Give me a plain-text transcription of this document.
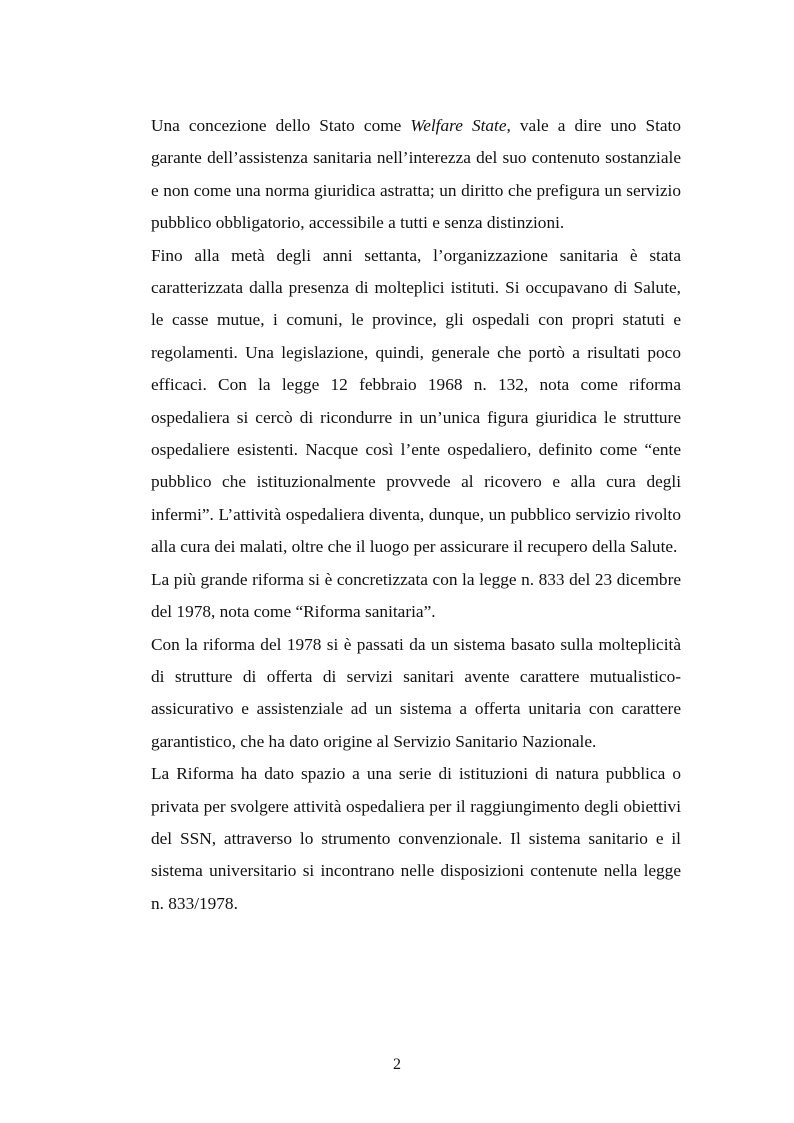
Una concezione dello Stato come Welfare State, vale a dire uno Stato garante dell’assistenza sanitaria nell’interezza del suo contenuto sostanziale e non come una norma giuridica astratta; un diritto che prefigura un servizio pubblico obbligatorio, accessibile a tutti e senza distinzioni.

Fino alla metà degli anni settanta, l’organizzazione sanitaria è stata caratterizzata dalla presenza di molteplici istituti. Si occupavano di Salute, le casse mutue, i comuni, le province, gli ospedali con propri statuti e regolamenti. Una legislazione, quindi, generale che portò a risultati poco efficaci. Con la legge 12 febbraio 1968 n. 132, nota come riforma ospedaliera si cercò di ricondurre in un’unica figura giuridica le strutture ospedaliere esistenti. Nacque così l’ente ospedaliero, definito come “ente pubblico che istituzionalmente provvede al ricovero e alla cura degli infermi”. L’attività ospedaliera diventa, dunque, un pubblico servizio rivolto alla cura dei malati, oltre che il luogo per assicurare il recupero della Salute.

La più grande riforma si è concretizzata con la legge n. 833 del 23 dicembre del 1978, nota come “Riforma sanitaria”.

Con la riforma del 1978 si è passati da un sistema basato sulla molteplicità di strutture di offerta di servizi sanitari avente carattere mutualistico-assicurativo e assistenziale ad un sistema a offerta unitaria con carattere garantistico, che ha dato origine al Servizio Sanitario Nazionale.

La Riforma ha dato spazio a una serie di istituzioni di natura pubblica o privata per svolgere attività ospedaliera per il raggiungimento degli obiettivi del SSN, attraverso lo strumento convenzionale. Il sistema sanitario e il sistema universitario si incontrano nelle disposizioni contenute nella legge n. 833/1978.

2
